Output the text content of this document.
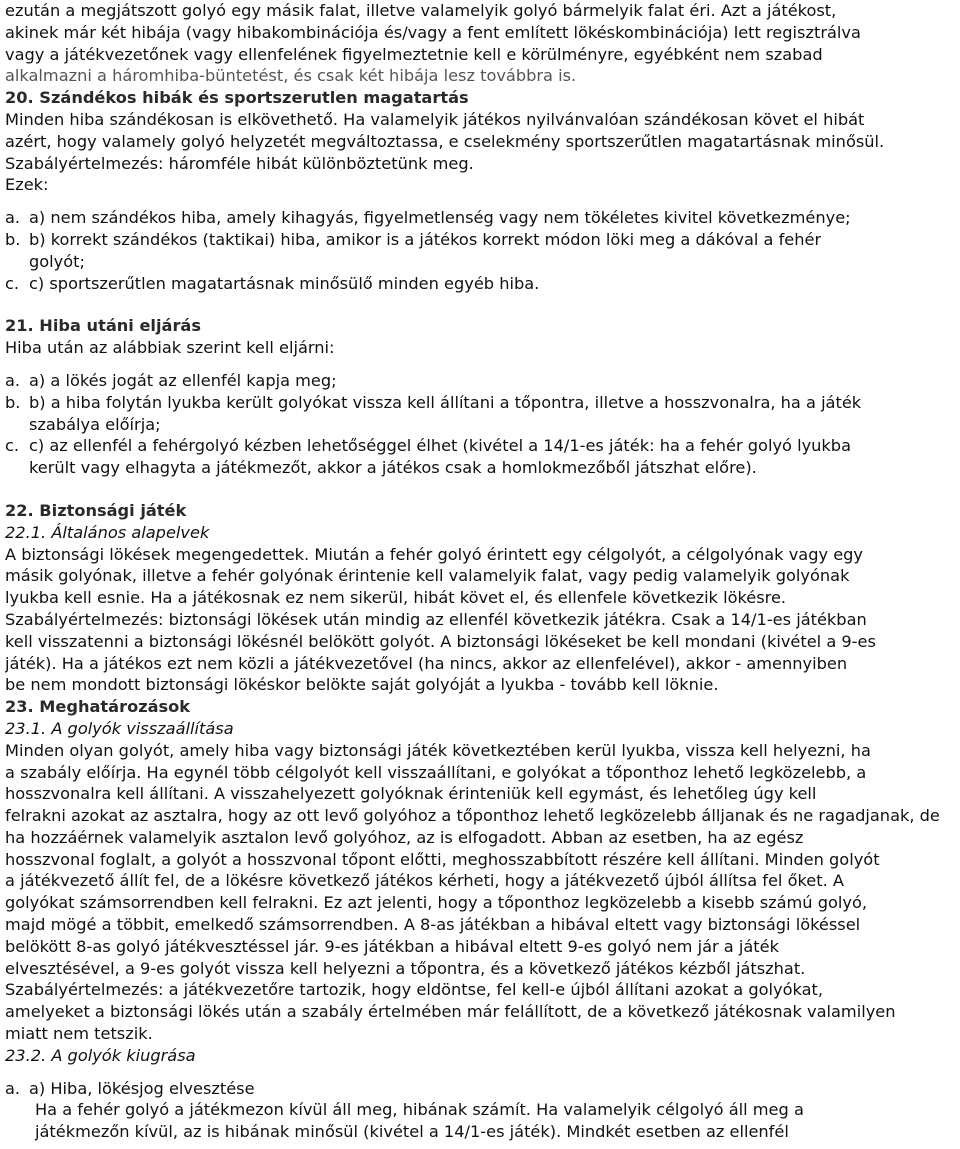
ezután a megjátszott golyó egy másik falat, illetve valamelyik golyó bármelyik falat éri. Azt a játékost,
akinek már két hibája (vagy hibakombinációja és/vagy a fent említett lökéskombinációja) lett regisztrálva
vagy a játékvezetőnek vagy ellenfelének figyelmeztetnie kell e körülményre, egyébként nem szabad
alkalmazni a háromhiba-büntetést, és csak két hibája lesz továbbra is.
20. Szándékos hibák és sportszerutlen magatartás
Minden hiba szándékosan is elkövethető. Ha valamelyik játékos nyilvánvalóan szándékosan követ el hibát
azért, hogy valamely golyó helyzetét megváltoztassa, e cselekmény sportszerűtlen magatartásnak minősül.
Szabályértelmezés: háromféle hibát különböztetünk meg.
Ezek:
a. a) nem szándékos hiba, amely kihagyás, figyelmetlenség vagy nem tökéletes kivitel következménye;
b. b) korrekt szándékos (taktikai) hiba, amikor is a játékos korrekt módon löki meg a dákóval a fehér
golyót;
c. c) sportszerűtlen magatartásnak minősülő minden egyéb hiba.
21. Hiba utáni eljárás
Hiba után az alábbiak szerint kell eljárni:
a. a) a lökés jogát az ellenfél kapja meg;
b. b) a hiba folytán lyukba került golyókat vissza kell állítani a tőpontra, illetve a hosszvonalra, ha a játék
szabálya előírja;
c. c) az ellenfél a fehérgolyó kézben lehetőséggel élhet (kivétel a 14/1-es játék: ha a fehér golyó lyukba
került vagy elhagyta a játékmezőt, akkor a játékos csak a homlokmezőből játszhat előre).
22. Biztonsági játék
22.1. Általános alapelvek
A biztonsági lökések megengedettek. Miután a fehér golyó érintett egy célgolyót, a célgolyónak vagy egy
másik golyónak, illetve a fehér golyónak érintenie kell valamelyik falat, vagy pedig valamelyik golyónak
lyukba kell esnie. Ha a játékosnak ez nem sikerül, hibát követ el, és ellenfele következik lökésre.
Szabályértelmezés: biztonsági lökések után mindig az ellenfél következik játékra. Csak a 14/1-es játékban
kell visszatenni a biztonsági lökésnél belökött golyót. A biztonsági lökéseket be kell mondani (kivétel a 9-es
játék). Ha a játékos ezt nem közli a játékvezetővel (ha nincs, akkor az ellenfelével), akkor - amennyiben
be nem mondott biztonsági lökéskor belökte saját golyóját a lyukba - tovább kell löknie.
23. Meghatározások
23.1. A golyók visszaállítása
Minden olyan golyót, amely hiba vagy biztonsági játék következtében kerül lyukba, vissza kell helyezni, ha
a szabály előírja. Ha egynél több célgolyót kell visszaállítani, e golyókat a tőponthoz lehető legközelebb, a
hosszvonalra kell állítani. A visszahelyezett golyóknak érinteniük kell egymást, és lehetőleg úgy kell
felrakni azokat az asztalra, hogy az ott levő golyóhoz a tőponthoz lehető legközelebb álljanak és ne ragadjanak, de
ha hozzáérnek valamelyik asztalon levő golyóhoz, az is elfogadott. Abban az esetben, ha az egész
hosszvonal foglalt, a golyót a hosszvonal tőpont előtti, meghosszabbított részére kell állítani. Minden golyót
a játékvezető állít fel, de a lökésre következő játékos kérheti, hogy a játékvezető újból állítsa fel őket. A
golyókat számsorrendben kell felrakni. Ez azt jelenti, hogy a tőponthoz legközelebb a kisebb számú golyó,
majd mögé a többit, emelkedő számsorrendben. A 8-as játékban a hibával eltett vagy biztonsági lökéssel
belökött 8-as golyó játékvesztéssel jár. 9-es játékban a hibával eltett 9-es golyó nem jár a játék
elvesztésével, a 9-es golyót vissza kell helyezni a tőpontra, és a következő játékos kézből játszhat.
Szabályértelmezés: a játékvezetőre tartozik, hogy eldöntse, fel kell-e újból állítani azokat a golyókat,
amelyeket a biztonsági lökés után a szabály értelmében már felállított, de a következő játékosnak valamilyen
miatt nem tetszik.
23.2. A golyók kiugrása
a. a) Hiba, lökésjog elvesztése
Ha a fehér golyó a játékmezon kívül áll meg, hibának számít. Ha valamelyik célgolyó áll meg a
játékmezőn kívül, az is hibának minősül (kivétel a 14/1-es játék). Mindkét esetben az ellenfél
